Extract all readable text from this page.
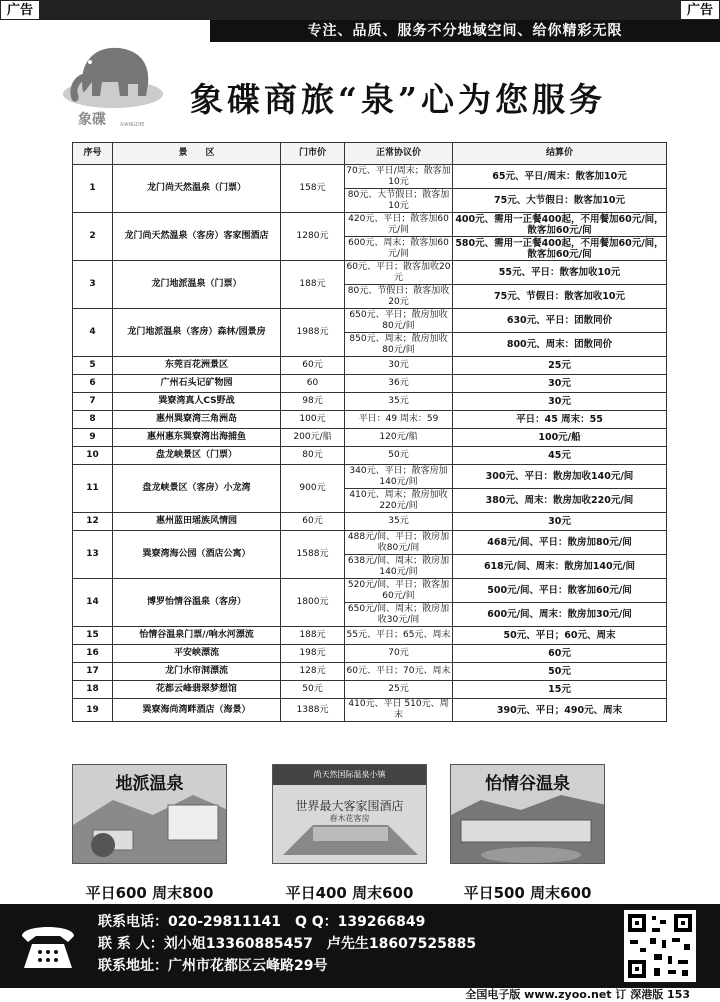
广告	广告
专注、品质、服务不分地域空间、给你精彩无限
象碟	XIANGDIE
象碟商旅“泉”心为您服务
序号	景　　区	门市价	正常协议价	结算价
1	龙门尚天然温泉（门票）	158元	70元、平日/周末；散客加10元	65元、平日/周末：散客加10元
			80元、大节假日；散客加10元	75元、大节假日：散客加10元
2	龙门尚天然温泉（客房）客家围酒店	1280元	420元、平日；散客加60元/间	400元、需用一正餐400起，不用餐加60元/间，散客加60元/间
			600元、周末；散客加60元/间	580元、需用一正餐400起，不用餐加60元/间，散客加60元/间
3	龙门地派温泉（门票）	188元	60元、平日；散客加收20元	55元、平日：散客加收10元
			80元、节假日；散客加收20元	75元、节假日：散客加收10元
4	龙门地派温泉（客房）森林/园景房	1988元	650元、平日；散房加收80元/间	630元、平日：团散同价
			850元、周末；散房加收80元/间	800元、周末：团散同价
5	东莞百花洲景区	60元	30元	25元
6	广州石头记矿物园	60	36元	30元
7	巽寮湾真人CS野战	98元	35元	30元
8	惠州巽寮湾三角洲岛	100元	平日：49 周末：59	平日：45 周末：55
9	惠州惠东巽寮湾出海捕鱼	200元/船	120元/船	100元/船
10	盘龙峡景区（门票）	80元	50元	45元
11	盘龙峡景区（客房）小龙湾	900元	340元、平日；散客房加140元/间	300元、平日：散房加收140元/间
			410元、周末；散房加收220元/间	380元、周末：散房加收220元/间
12	惠州蓝田瑶族风情园	60元	35元	30元
13	巽寮湾海公园（酒店公寓）	1588元	488元/间、平日；散房加收80元/间	468元/间、平日：散房加80元/间
			638元/间、周末；散房加140元/间	618元/间、周末：散房加140元/间
14	博罗怡情谷温泉（客房）	1800元	520元/间、平日；散客加60元/间	500元/间、平日：散客加60元/间
			650元/间、周末；散房加收30元/间	600元/间、周末：散房加30元/间
15	怡情谷温泉门票//响水河漂流	188元	55元、平日；65元、周末	50元、平日；60元、周末
16	平安峡漂流	198元	70元	60元
17	龙门水帘洞漂流	128元	60元、平日；70元、周末	50元
18	花都云峰翡翠梦想馆	50元	25元	15元
19	巽寮海尚湾畔酒店（海景）	1388元	410元、平日 510元、周末	390元、平日；490元、周末
地派温泉
平日600 周末800
尚天然国际温泉小镇
世界最大客家围酒店
春木花客房
平日400 周末600
怡情谷温泉
平日500 周末600
联系电话：020-29811141　Q Q：139266849
联 系 人：刘小姐13360885457　卢先生18607525885
联系地址：广州市花都区云峰路29号
全国电子版 www.zyoo.net 订 深港版 153
